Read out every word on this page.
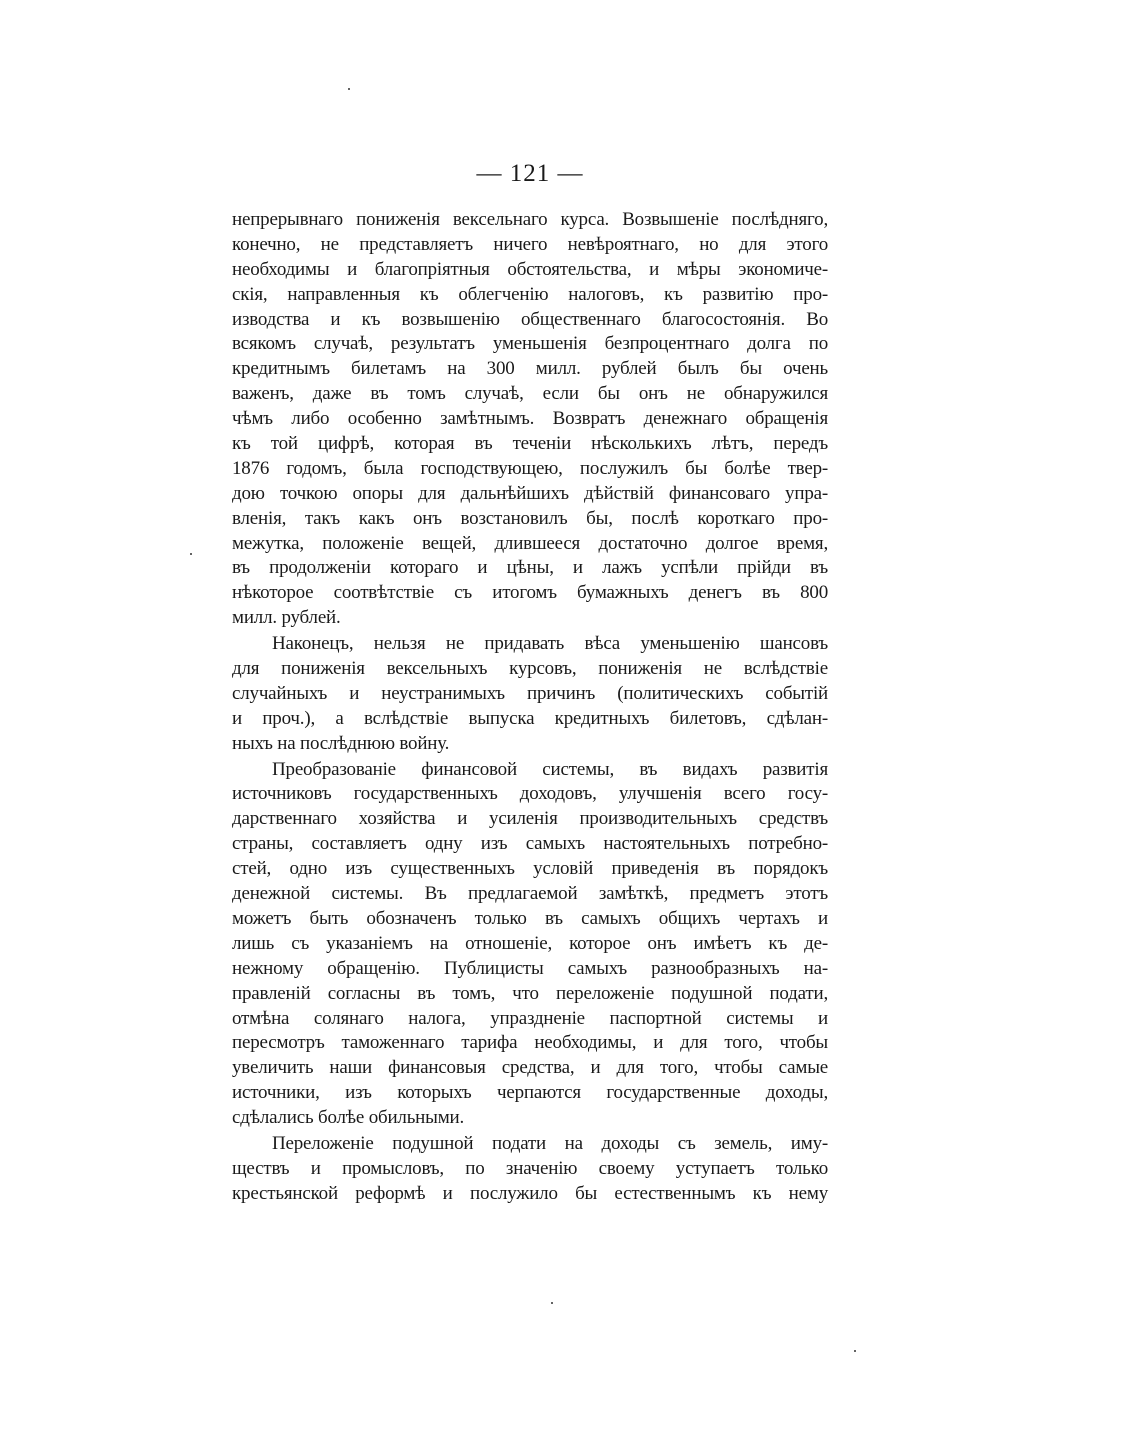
— 121 —
непрерывнаго пониженія вексельнаго курса. Возвышеніе послѣдняго,
конечно, не представляетъ ничего невѣроятнаго, но для этого
необходимы и благопріятныя обстоятельства, и мѣры экономиче-
скія, направленныя къ облегченію налоговъ, къ развитію про-
изводства и къ возвышенію общественнаго благосостоянія. Во
всякомъ случаѣ, результатъ уменьшенія безпроцентнаго долга по
кредитнымъ билетамъ на 300 милл. рублей былъ бы очень
важенъ, даже въ томъ случаѣ, если бы онъ не обнаружился
чѣмъ либо особенно замѣтнымъ. Возвратъ денежнаго обращенія
къ той цифрѣ, которая въ теченіи нѣсколькихъ лѣтъ, передъ
1876 годомъ, была господствующею, послужилъ бы болѣе твер-
дою точкою опоры для дальнѣйшихъ дѣйствій финансоваго упра-
вленія, такъ какъ онъ возстановилъ бы, послѣ короткаго про-
межутка, положеніе вещей, длившееся достаточно долгое время,
въ продолженіи котораго и цѣны, и лажъ успѣли прійди въ
нѣкоторое соотвѣтствіе съ итогомъ бумажныхъ денегъ въ 800
милл. рублей.
Наконецъ, нельзя не придавать вѣса уменьшенію шансовъ
для пониженія вексельныхъ курсовъ, пониженія не вслѣдствіе
случайныхъ и неустранимыхъ причинъ (политическихъ событій
и проч.), а вслѣдствіе выпуска кредитныхъ билетовъ, сдѣлан-
ныхъ на послѣднюю войну.
Преобразованіе финансовой системы, въ видахъ развитія
источниковъ государственныхъ доходовъ, улучшенія всего госу-
дарственнаго хозяйства и усиленія производительныхъ средствъ
страны, составляетъ одну изъ самыхъ настоятельныхъ потребно-
стей, одно изъ существенныхъ условій приведенія въ порядокъ
денежной системы. Въ предлагаемой замѣткѣ, предметъ этотъ
можетъ быть обозначенъ только въ самыхъ общихъ чертахъ и
лишь съ указаніемъ на отношеніе, которое онъ имѣетъ къ де-
нежному обращенію. Публицисты самыхъ разнообразныхъ на-
правленій согласны въ томъ, что переложеніе подушной подати,
отмѣна солянаго налога, упраздненіе паспортной системы и
пересмотръ таможеннаго тарифа необходимы, и для того, чтобы
увеличить наши финансовыя средства, и для того, чтобы самые
источники, изъ которыхъ черпаются государственные доходы,
сдѣлались болѣе обильными.
Переложеніе подушной подати на доходы съ земель, иму-
ществъ и промысловъ, по значенію своему уступаетъ только
крестьянской реформѣ и послужило бы естественнымъ къ нему
